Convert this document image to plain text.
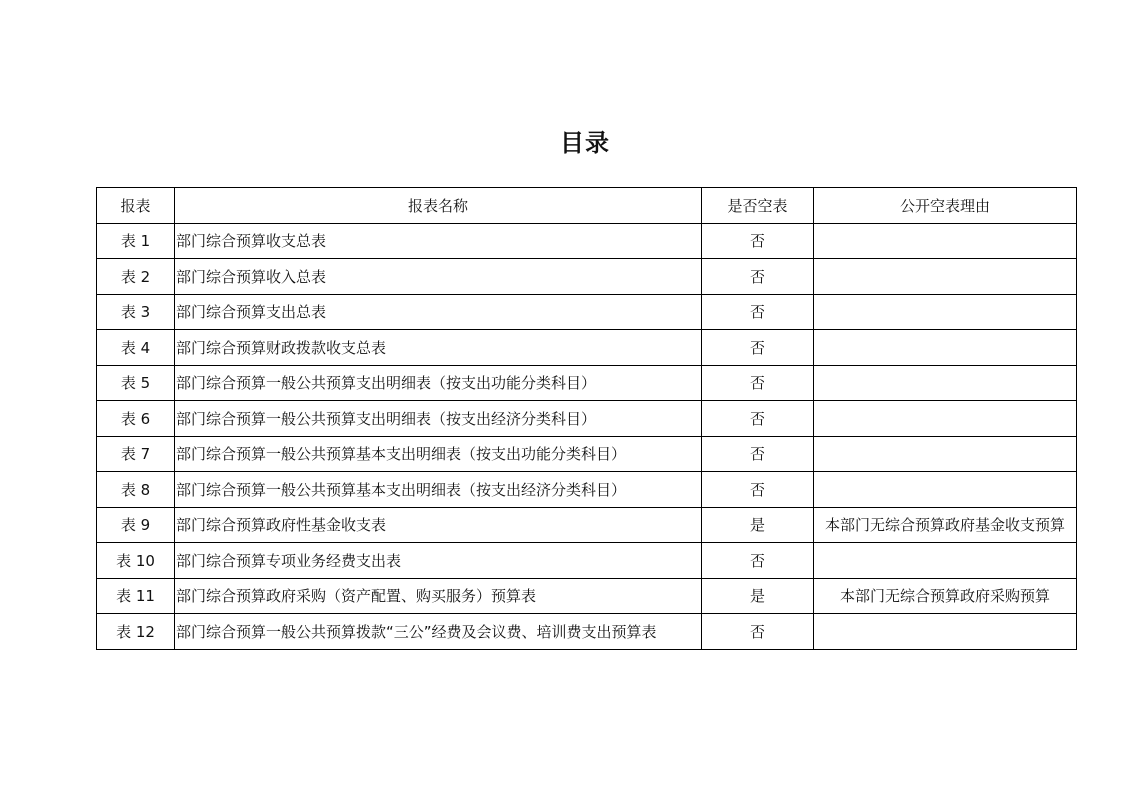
目录
报表	报表名称	是否空表	公开空表理由
表 1	部门综合预算收支总表	否	
表 2	部门综合预算收入总表	否	
表 3	部门综合预算支出总表	否	
表 4	部门综合预算财政拨款收支总表	否	
表 5	部门综合预算一般公共预算支出明细表（按支出功能分类科目）	否	
表 6	部门综合预算一般公共预算支出明细表（按支出经济分类科目）	否	
表 7	部门综合预算一般公共预算基本支出明细表（按支出功能分类科目）	否	
表 8	部门综合预算一般公共预算基本支出明细表（按支出经济分类科目）	否	
表 9	部门综合预算政府性基金收支表	是	本部门无综合预算政府基金收支预算
表 10	部门综合预算专项业务经费支出表	否	
表 11	部门综合预算政府采购（资产配置、购买服务）预算表	是	本部门无综合预算政府采购预算
表 12	部门综合预算一般公共预算拨款“三公”经费及会议费、培训费支出预算表	否	
